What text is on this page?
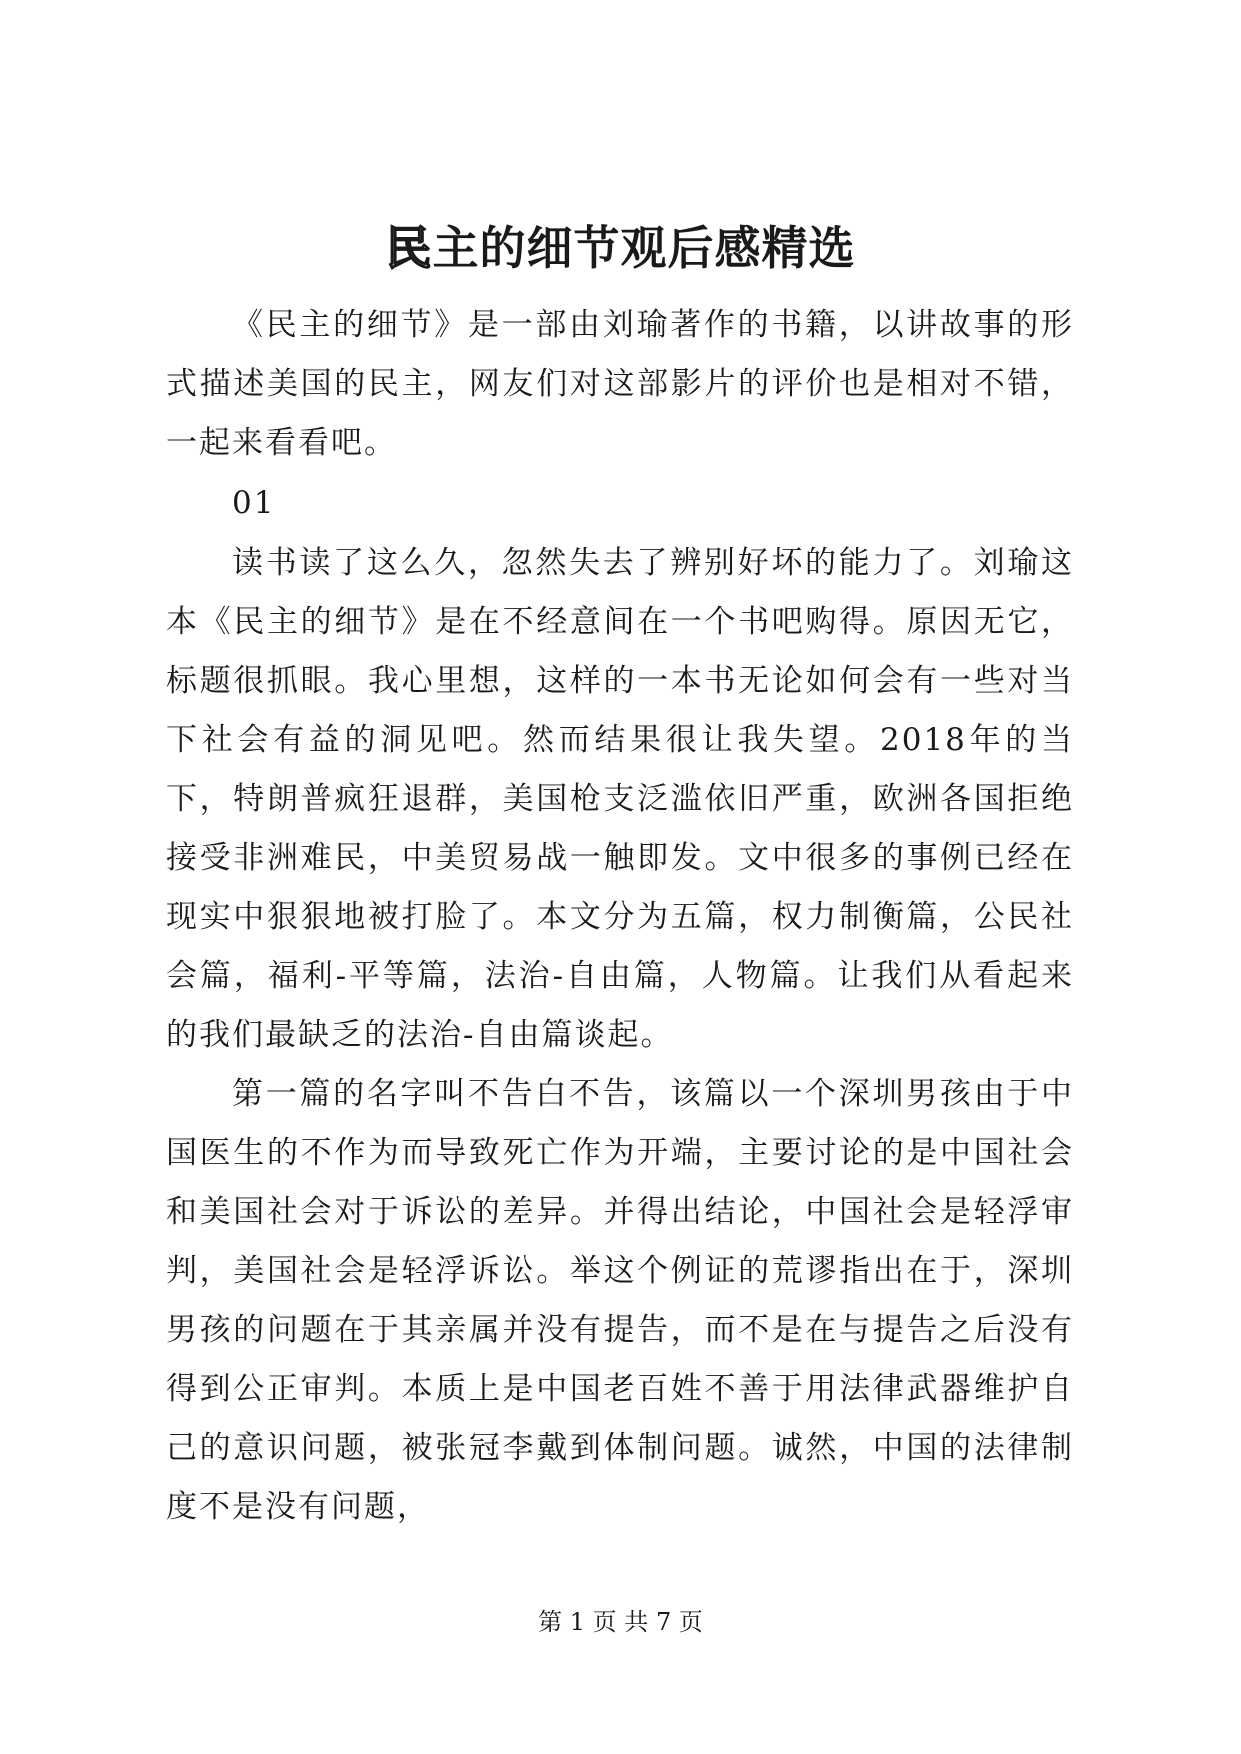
民主的细节观后感精选

《民主的细节》是一部由刘瑜著作的书籍，以讲故事的形式描述美国的民主，网友们对这部影片的评价也是相对不错，一起来看看吧。

01

读书读了这么久，忽然失去了辨别好坏的能力了。刘瑜这本《民主的细节》是在不经意间在一个书吧购得。原因无它，标题很抓眼。我心里想，这样的一本书无论如何会有一些对当下社会有益的洞见吧。然而结果很让我失望。2018年的当下，特朗普疯狂退群，美国枪支泛滥依旧严重，欧洲各国拒绝接受非洲难民，中美贸易战一触即发。文中很多的事例已经在现实中狠狠地被打脸了。本文分为五篇，权力制衡篇，公民社会篇，福利-平等篇，法治-自由篇，人物篇。让我们从看起来的我们最缺乏的法治-自由篇谈起。

第一篇的名字叫不告白不告，该篇以一个深圳男孩由于中国医生的不作为而导致死亡作为开端，主要讨论的是中国社会和美国社会对于诉讼的差异。并得出结论，中国社会是轻浮审判，美国社会是轻浮诉讼。举这个例证的荒谬指出在于，深圳男孩的问题在于其亲属并没有提告，而不是在与提告之后没有得到公正审判。本质上是中国老百姓不善于用法律武器维护自己的意识问题，被张冠李戴到体制问题。诚然，中国的法律制度不是没有问题，

第 1 页 共 7 页
